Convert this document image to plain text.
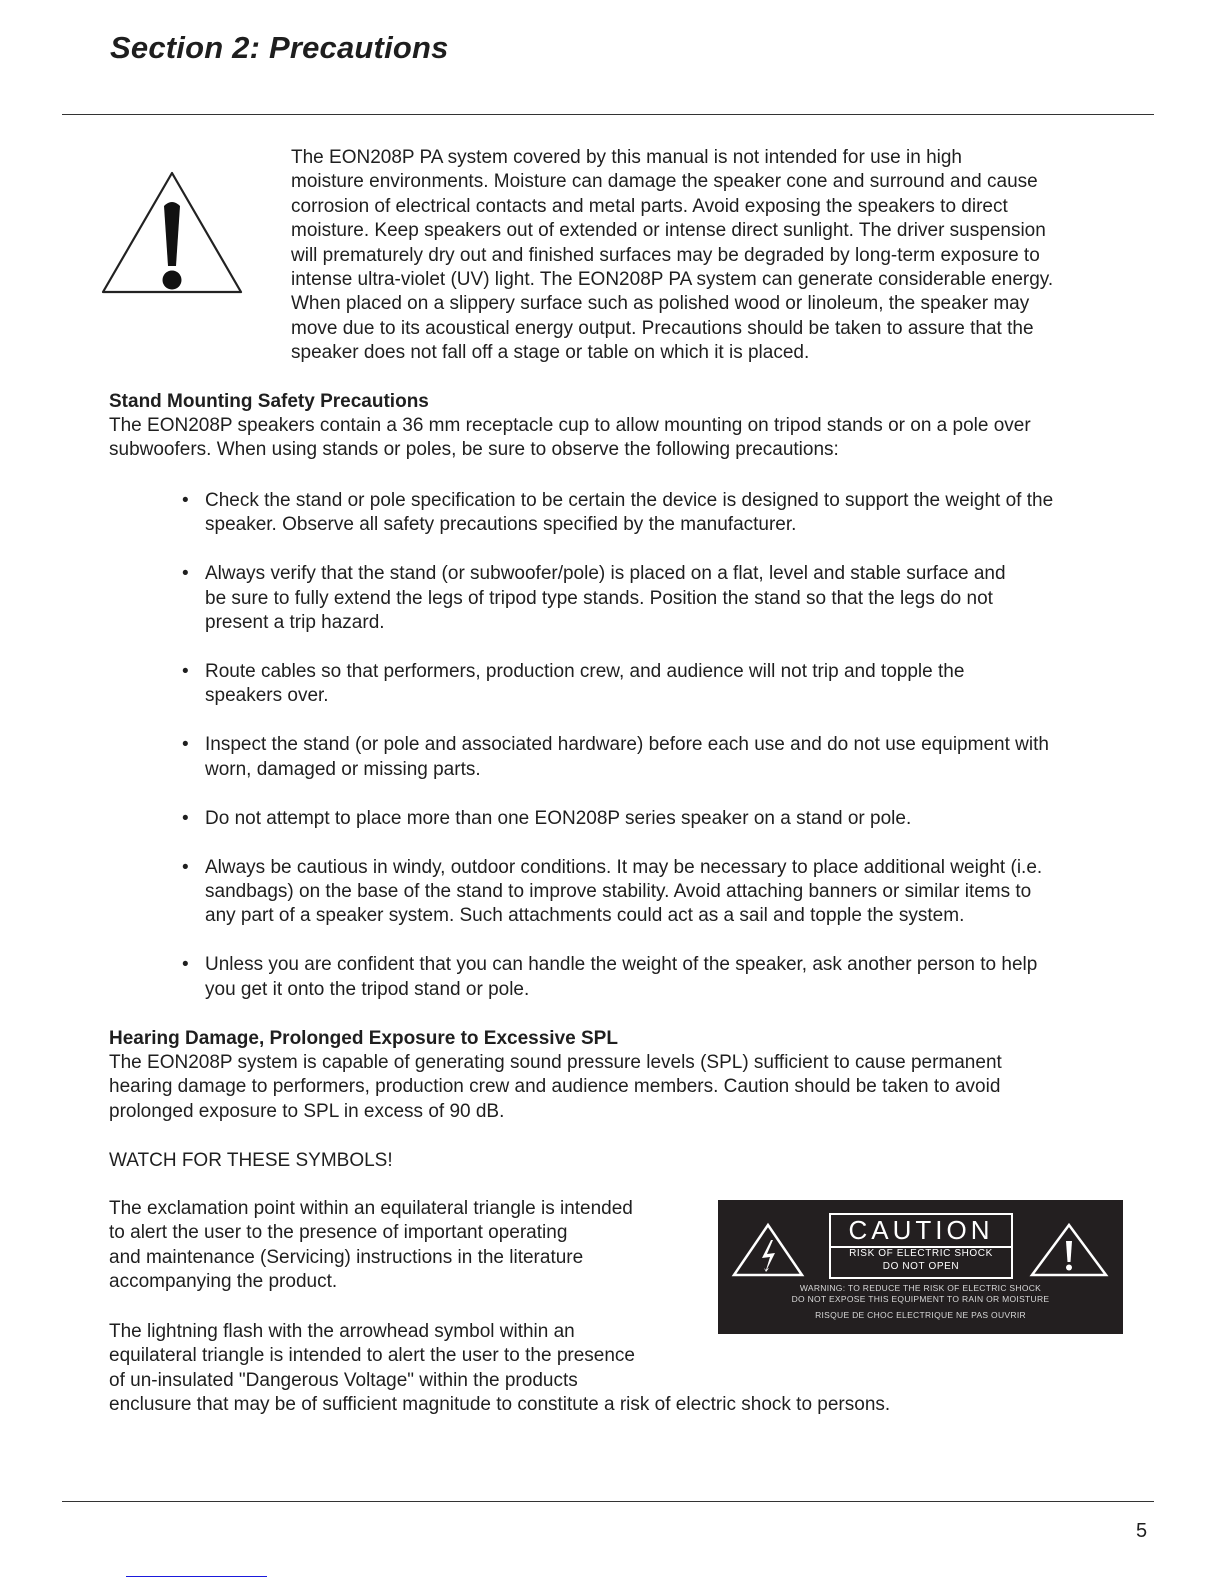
Section 2: Precautions
The EON208P PA system covered by this manual is not intended for use in high
moisture environments. Moisture can damage the speaker cone and surround and cause
corrosion of electrical contacts and metal parts. Avoid exposing the speakers to direct
moisture. Keep speakers out of extended or intense direct sunlight. The driver suspension
will prematurely dry out and finished surfaces may be degraded by long-term exposure to
intense ultra-violet (UV) light. The EON208P PA system can generate considerable energy.
When placed on a slippery surface such as polished wood or linoleum, the speaker may
move due to its acoustical energy output. Precautions should be taken to assure that the
speaker does not fall off a stage or table on which it is placed.
Stand Mounting Safety Precautions
The EON208P speakers contain a 36 mm receptacle cup to allow mounting on tripod stands or on a pole over
subwoofers. When using stands or poles, be sure to observe the following precautions:
• Check the stand or pole specification to be certain the device is designed to support the weight of the
speaker. Observe all safety precautions specified by the manufacturer.
• Always verify that the stand (or subwoofer/pole) is placed on a flat, level and stable surface and
be sure to fully extend the legs of tripod type stands. Position the stand so that the legs do not
present a trip hazard.
• Route cables so that performers, production crew, and audience will not trip and topple the
speakers over.
• Inspect the stand (or pole and associated hardware) before each use and do not use equipment with
worn, damaged or missing parts.
• Do not attempt to place more than one EON208P series speaker on a stand or pole.
• Always be cautious in windy, outdoor conditions. It may be necessary to place additional weight (i.e.
sandbags) on the base of the stand to improve stability. Avoid attaching banners or similar items to
any part of a speaker system. Such attachments could act as a sail and topple the system.
• Unless you are confident that you can handle the weight of the speaker, ask another person to help
you get it onto the tripod stand or pole.
Hearing Damage, Prolonged Exposure to Excessive SPL
The EON208P system is capable of generating sound pressure levels (SPL) sufficient to cause permanent
hearing damage to performers, production crew and audience members. Caution should be taken to avoid
prolonged exposure to SPL in excess of 90 dB.
WATCH FOR THESE SYMBOLS!
The exclamation point within an equilateral triangle is intended
to alert the user to the presence of important operating
and maintenance (Servicing) instructions in the literature
accompanying the product.
The lightning flash with the arrowhead symbol within an
equilateral triangle is intended to alert the user to the presence
of un-insulated "Dangerous Voltage" within the products
enclusure that may be of sufficient magnitude to constitute a risk of electric shock to persons.
CAUTION
RISK OF ELECTRIC SHOCK
DO NOT OPEN
WARNING: TO REDUCE THE RISK OF ELECTRIC SHOCK
DO NOT EXPOSE THIS EQUIPMENT TO RAIN OR MOISTURE
RISQUE DE CHOC ELECTRIQUE NE PAS OUVRIR
5
